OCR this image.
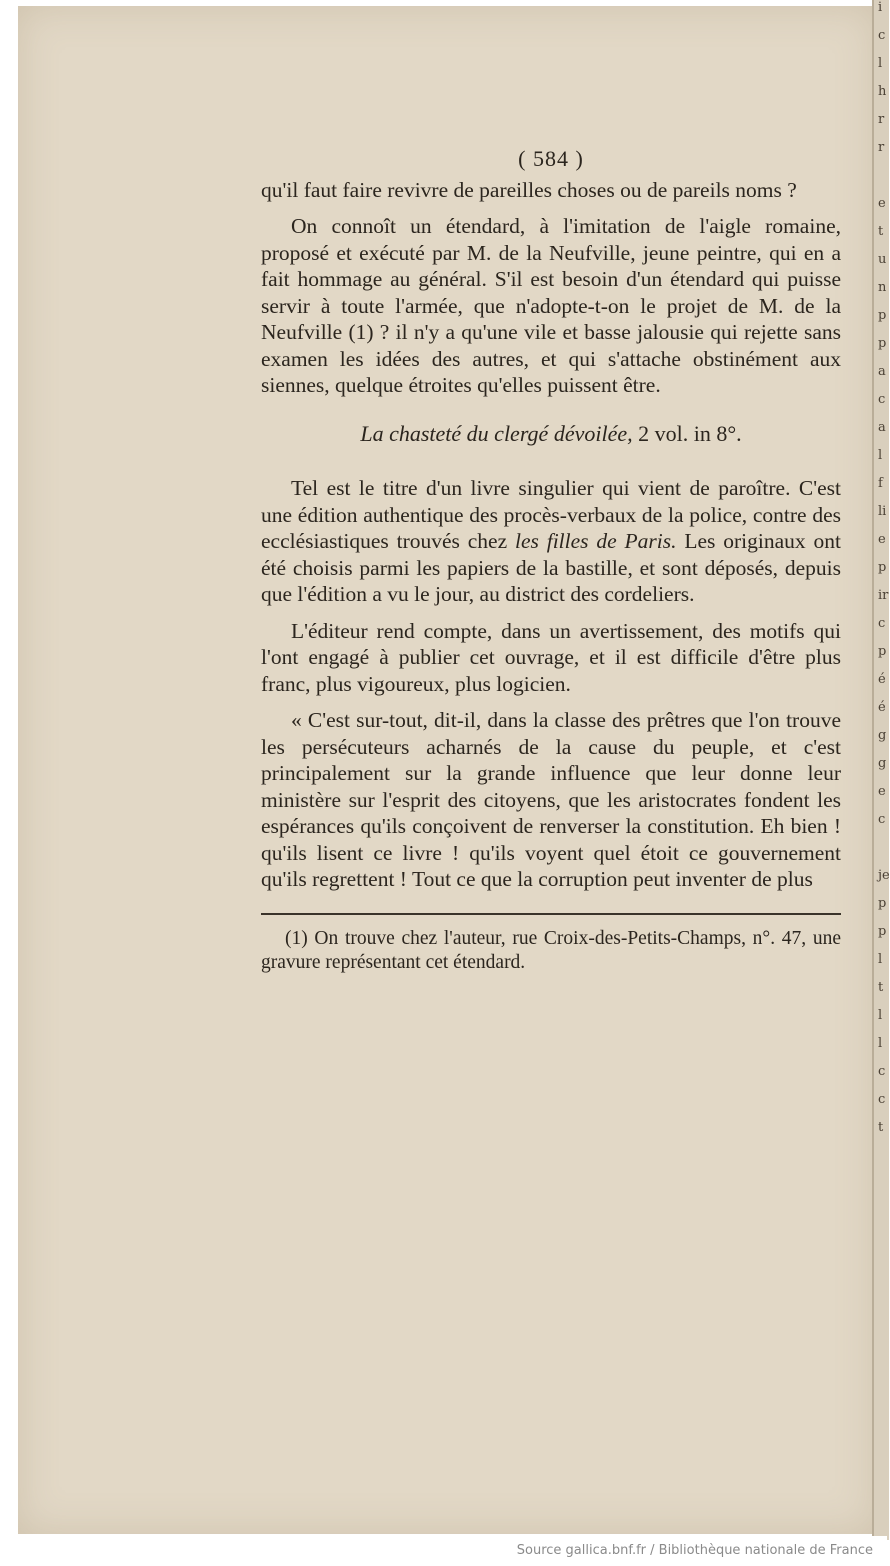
( 584 )

qu'il faut faire revivre de pareilles choses ou de pareils noms ?

On connoît un étendard, à l'imitation de l'aigle romaine, proposé et exécuté par M. de la Neufville, jeune peintre, qui en a fait hommage au général. S'il est besoin d'un étendard qui puisse servir à toute l'armée, que n'adopte-t-on le projet de M. de la Neufville (1) ? il n'y a qu'une vile et basse jalousie qui rejette sans examen les idées des autres, et qui s'attache obstinément aux siennes, quelque étroites qu'elles puissent être.

La chasteté du clergé dévoilée, 2 vol. in 8°.

Tel est le titre d'un livre singulier qui vient de paroître. C'est une édition authentique des procès-verbaux de la police, contre des ecclésiastiques trouvés chez les filles de Paris. Les originaux ont été choisis parmi les papiers de la bastille, et sont déposés, depuis que l'édition a vu le jour, au district des cordeliers.

L'éditeur rend compte, dans un avertissement, des motifs qui l'ont engagé à publier cet ouvrage, et il est difficile d'être plus franc, plus vigoureux, plus logicien.

« C'est sur-tout, dit-il, dans la classe des prêtres que l'on trouve les persécuteurs acharnés de la cause du peuple, et c'est principalement sur la grande influence que leur donne leur ministère sur l'esprit des citoyens, que les aristocrates fondent les espérances qu'ils conçoivent de renverser la constitution. Eh bien ! qu'ils lisent ce livre ! qu'ils voyent quel étoit ce gouvernement qu'ils regrettent ! Tout ce que la corruption peut inventer de plus

(1) On trouve chez l'auteur, rue Croix-des-Petits-Champs, n°. 47, une gravure représentant cet étendard.

i
c
l
h
r
r
e
t
u
n
p
p
a
c
a
l
f
li
e
p
ir
c
p
é
é
g
g
e
c
je
p
p
l
t
l
l
c
c
t
Source gallica.bnf.fr / Bibliothèque nationale de France
